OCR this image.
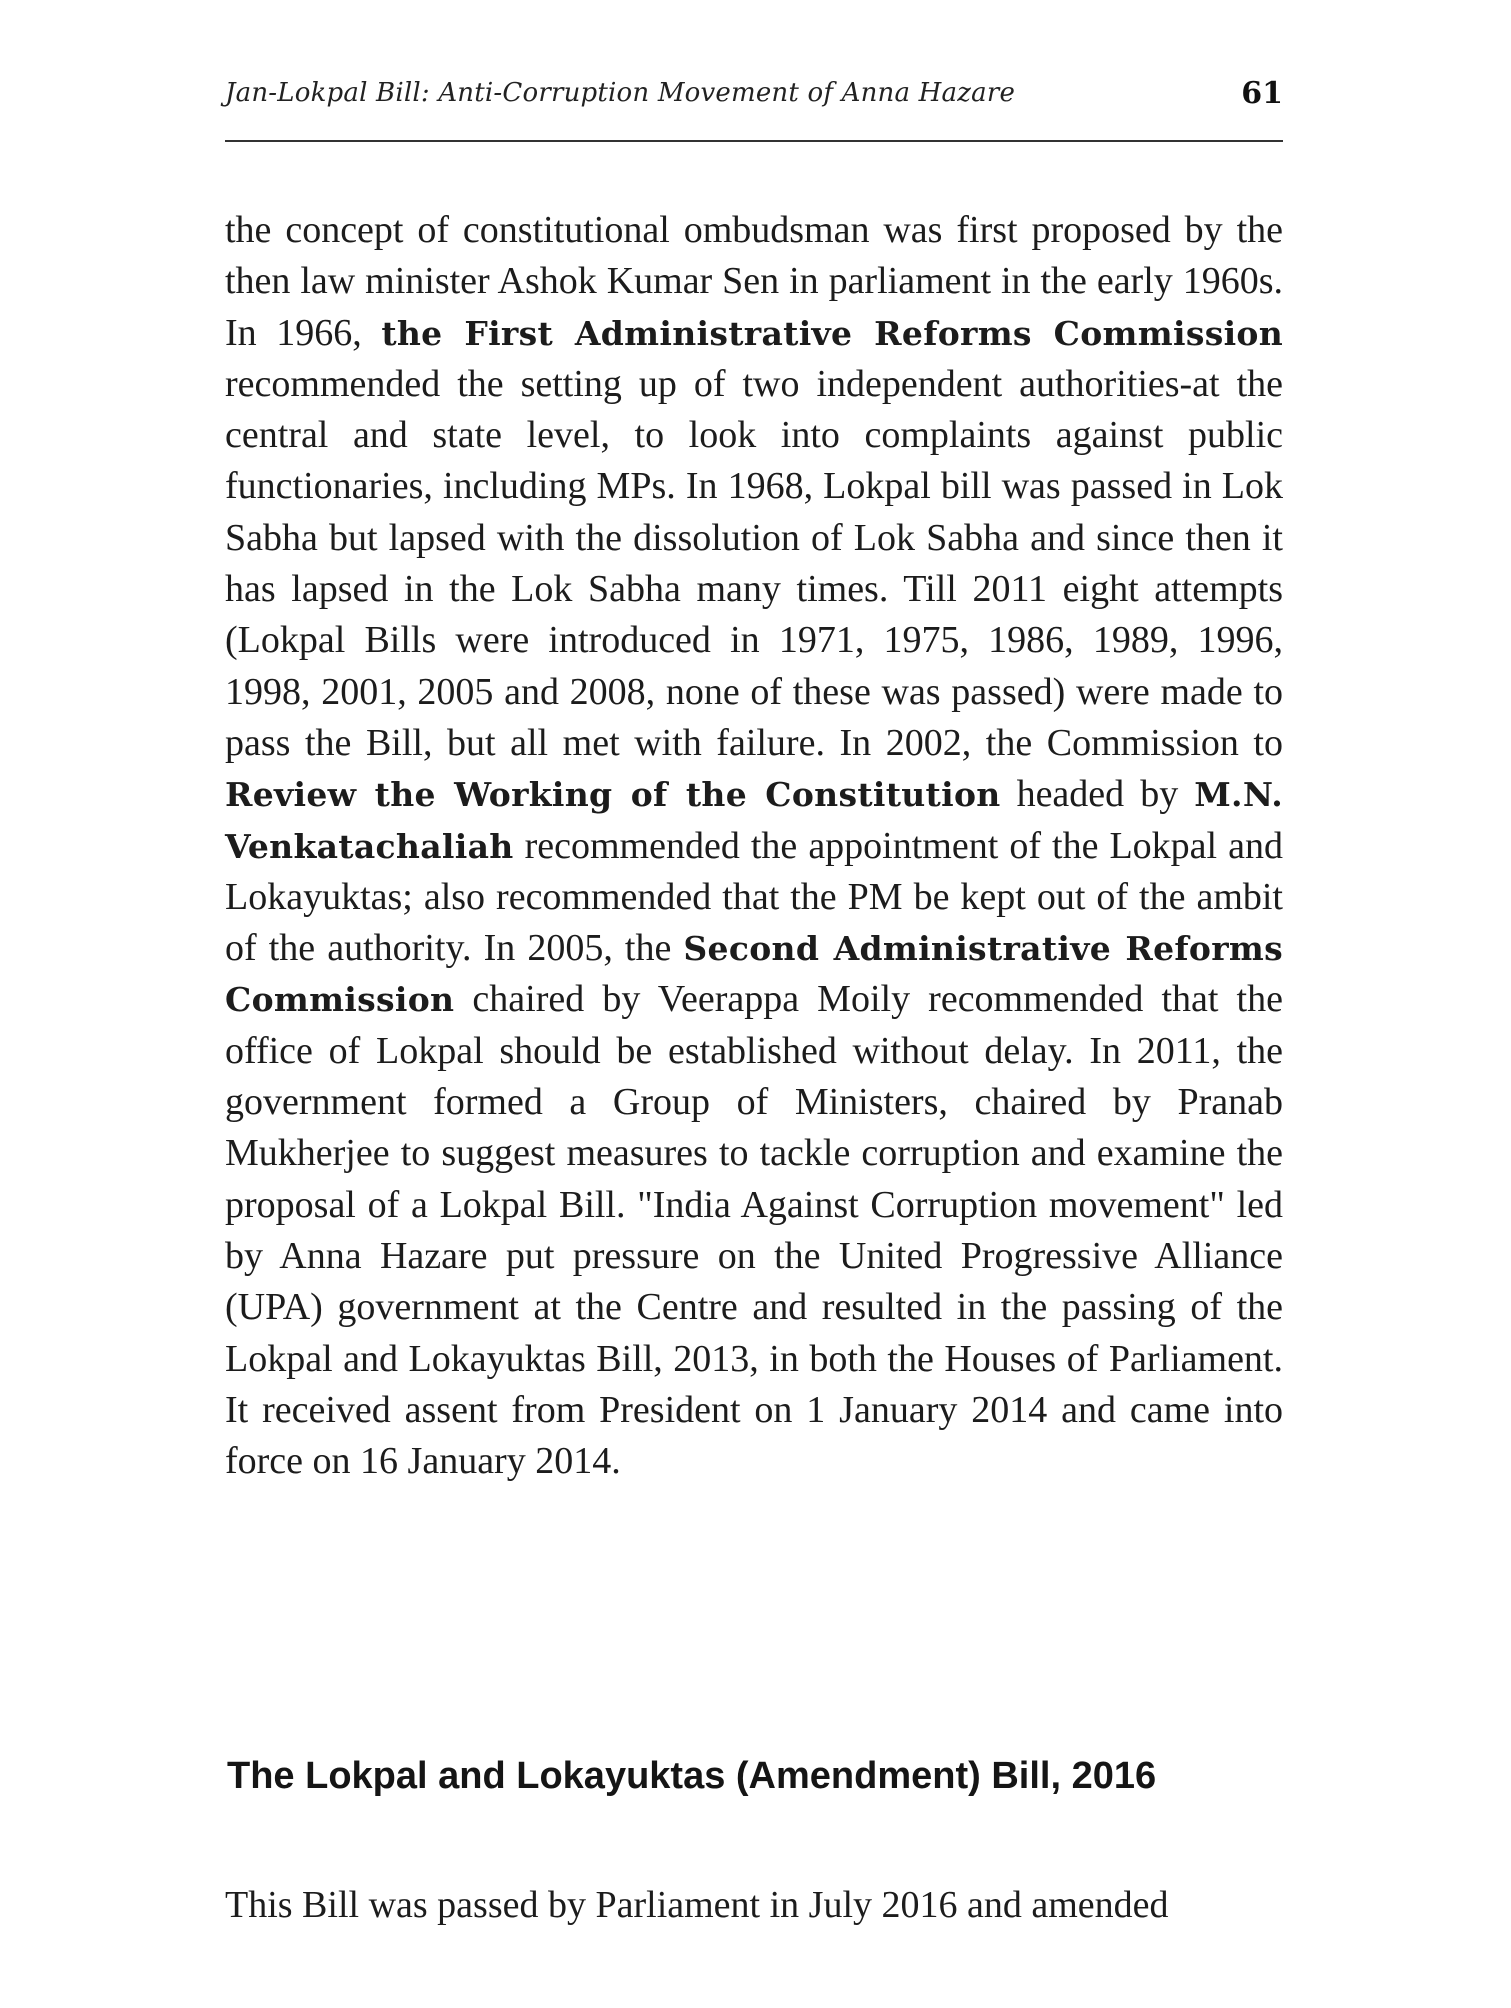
Jan-Lokpal Bill: Anti-Corruption Movement of Anna Hazare	61

the concept of constitutional ombudsman was first proposed by the then law minister Ashok Kumar Sen in parliament in the early 1960s. In 1966, the First Administrative Reforms Commission recommended the setting up of two independent authorities-at the central and state level, to look into complaints against public functionaries, including MPs. In 1968, Lokpal bill was passed in Lok Sabha but lapsed with the dissolution of Lok Sabha and since then it has lapsed in the Lok Sabha many times. Till 2011 eight attempts (Lokpal Bills were introduced in 1971, 1975, 1986, 1989, 1996, 1998, 2001, 2005 and 2008, none of these was passed) were made to pass the Bill, but all met with failure. In 2002, the Commission to Review the Working of the Constitution headed by M.N. Venkatachaliah recommended the appointment of the Lokpal and Lokayuktas; also recommended that the PM be kept out of the ambit of the authority. In 2005, the Second Administrative Reforms Commission chaired by Veerappa Moily recommended that the office of Lokpal should be established without delay. In 2011, the government formed a Group of Ministers, chaired by Pranab Mukherjee to suggest measures to tackle corruption and examine the proposal of a Lokpal Bill. "India Against Corruption movement" led by Anna Hazare put pressure on the United Progressive Alliance (UPA) government at the Centre and resulted in the passing of the Lokpal and Lokayuktas Bill, 2013, in both the Houses of Parliament. It received assent from President on 1 January 2014 and came into force on 16 January 2014.

The Lokpal and Lokayuktas (Amendment) Bill, 2016
This Bill was passed by Parliament in July 2016 and amended
